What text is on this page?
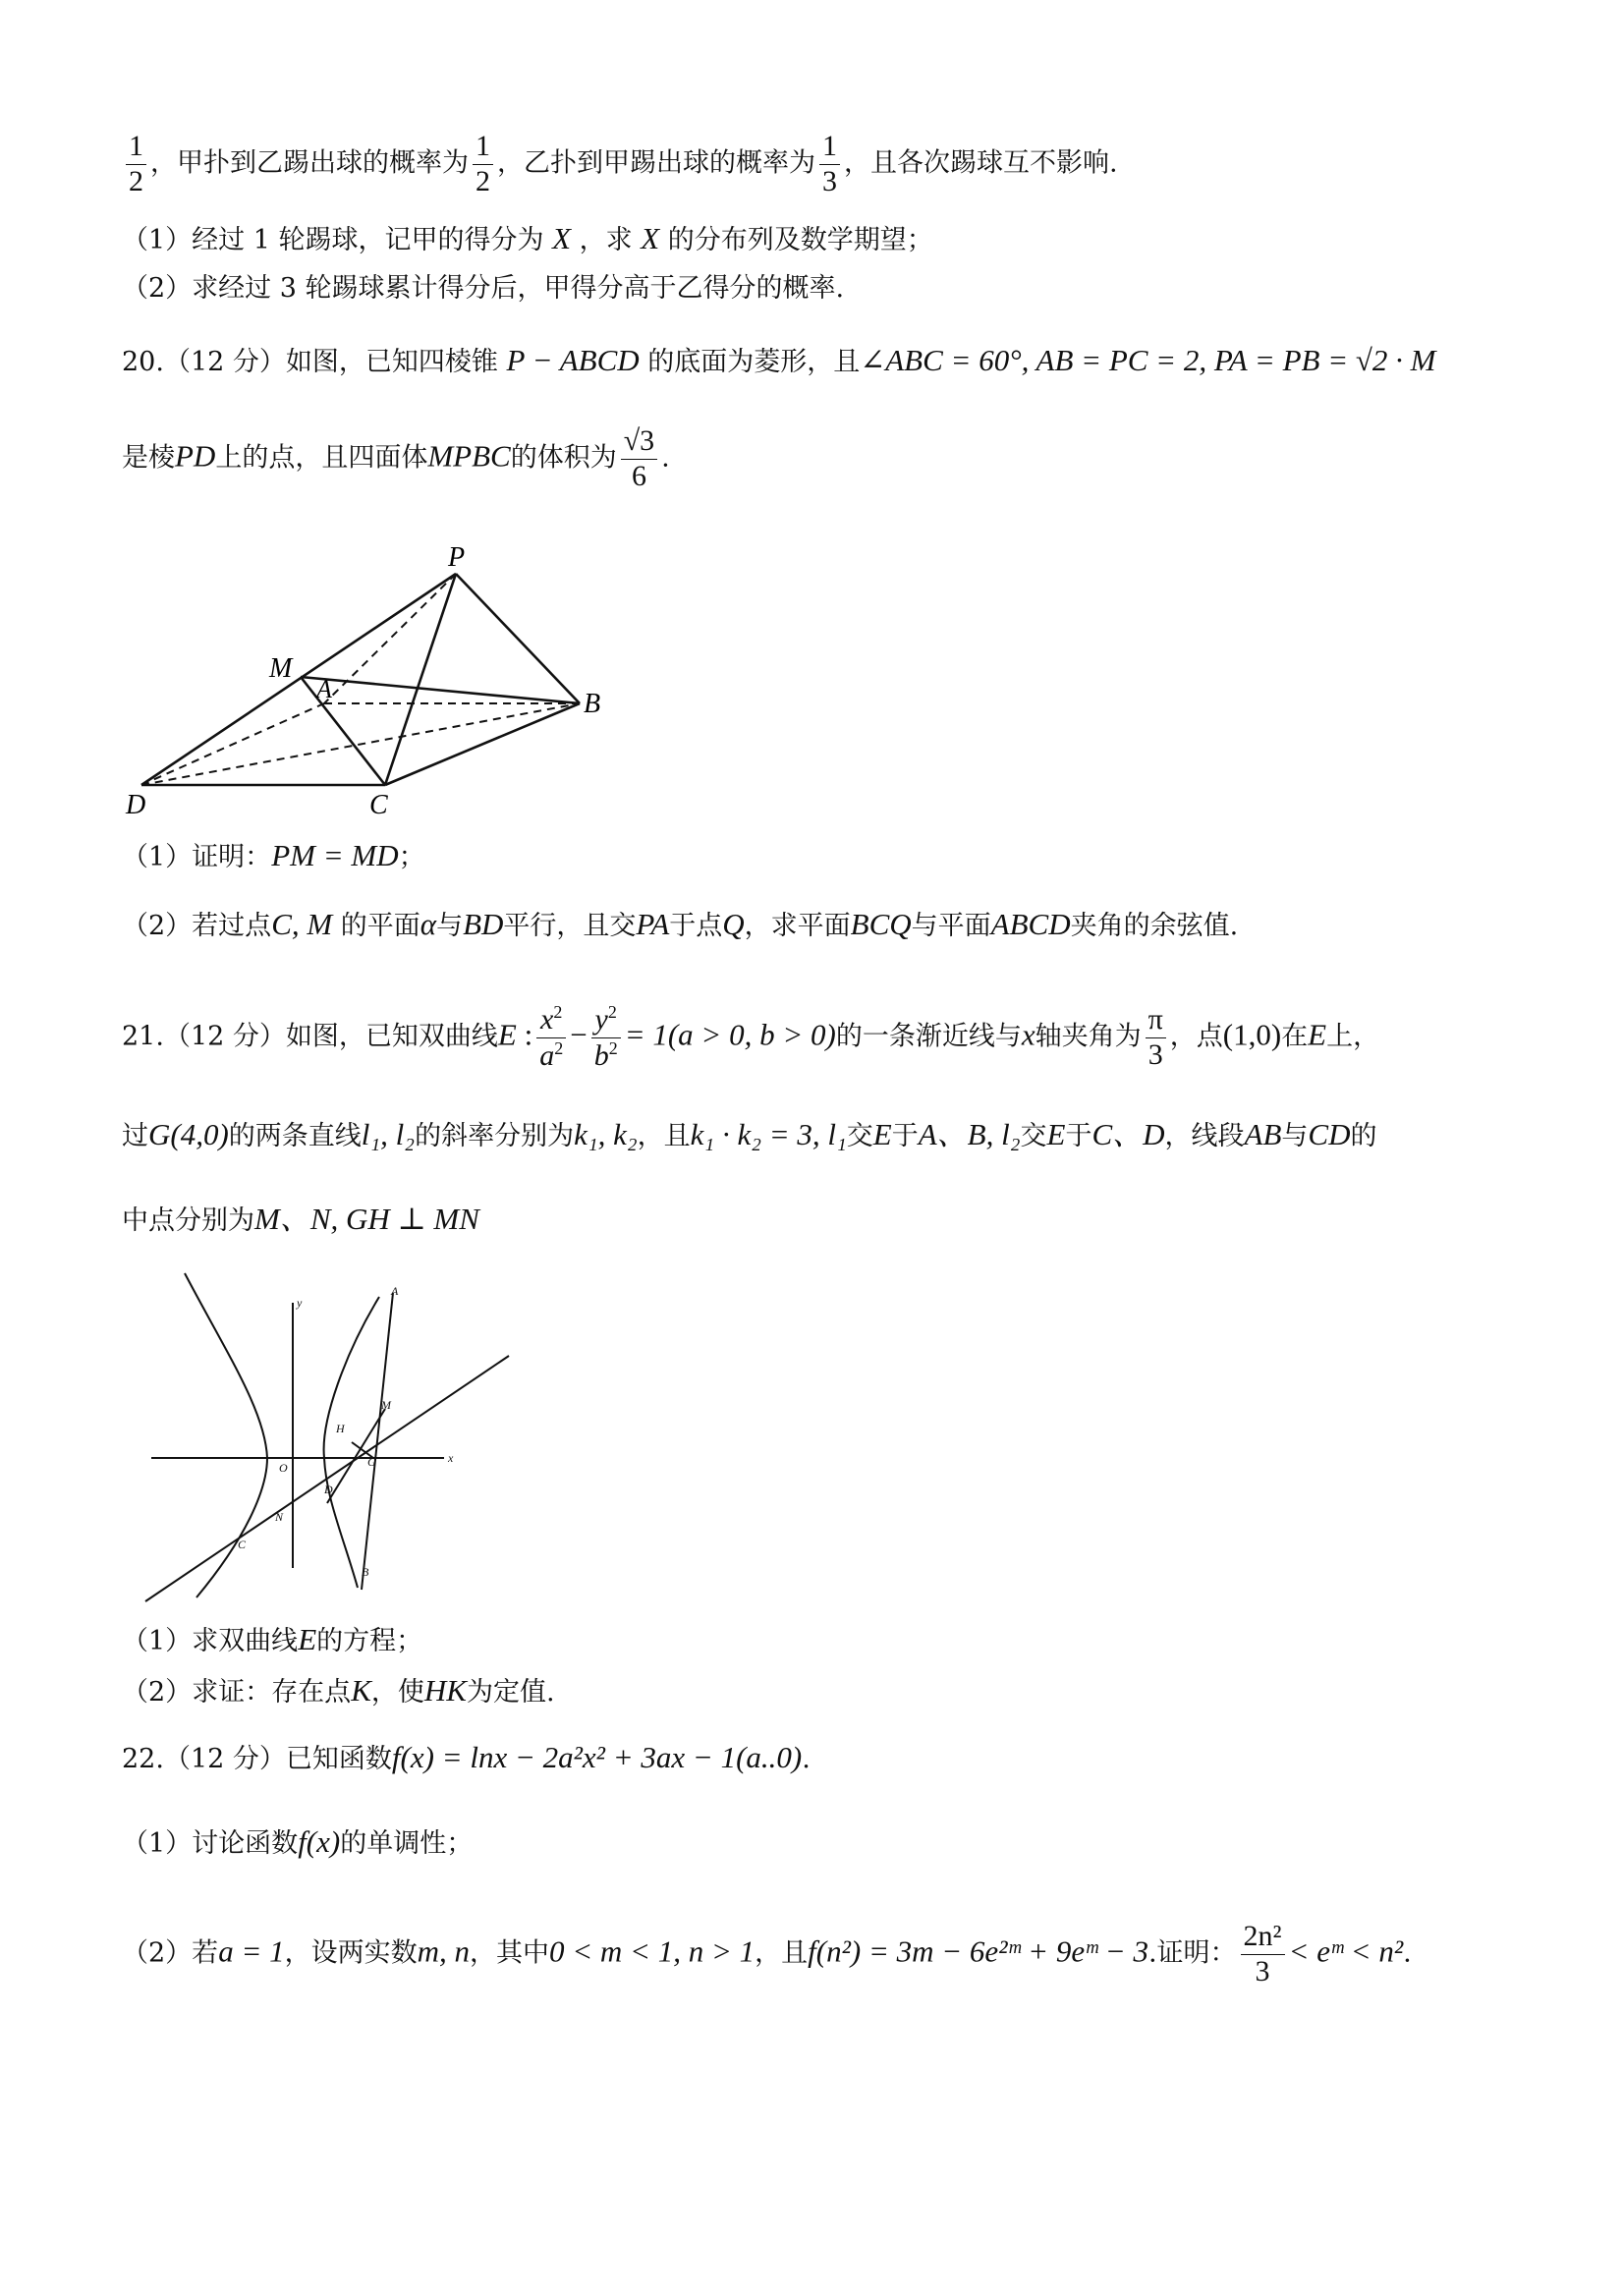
$\frac{1}{2}$ ，甲扑到乙踢出球的概率为 $\frac{1}{2}$ ，乙扑到甲踢出球的概率为 $\frac{1}{3}$ ，且各次踢球互不影响.
（1）经过 1 轮踢球，记甲的得分为 X ，求 X 的分布列及数学期望；
（2）求经过 3 轮踢球累计得分后，甲得分高于乙得分的概率.
20.（12 分）如图，已知四棱锥 P − ABCD 的底面为菱形，且∠ABC = 60°, AB = PC = 2, PA = PB = √2 · M
是棱PD上的点，且四面体MPBC的体积为 $\frac{√3}{6}$ .
P
M
A	B
D	C
（1）证明：PM = MD；
（2）若过点C, M 的平面α与BD平行，且交PA于点Q，求平面BCQ与平面ABCD夹角的余弦值.
21.（12 分）如图，已知双曲线E : $\frac{x^2}{a^2} - \frac{y^2}{b^2} = 1(a > 0$, b > 0)的一条渐近线与x轴夹角为 $\frac{\pi}{3}$ ，点(1,0)在E上，
过G(4,0)的两条直线l₁, l₂的斜率分别为k₁, k₂，且k₁ · k₂ = 3, l₁交E于A、B, l₂交E于C、D，线段AB与CD的
中点分别为M、N, GH ⊥ MN
y
x
O
A
M
H
G
D
N
C
B
（1）求双曲线E的方程；
（2）求证：存在点K，使HK为定值.
22.（12 分）已知函数f(x) = lnx − 2a²x² + 3ax − 1(a..0).
（1）讨论函数f(x)的单调性；
（2）若a = 1，设两实数m, n，其中0 < m < 1, n > 1，且f(n²) = 3m − 6e²ᵐ + 9eᵐ − 3.证明： $\frac{\text{2n²}}{3}$ < eᵐ < n².
